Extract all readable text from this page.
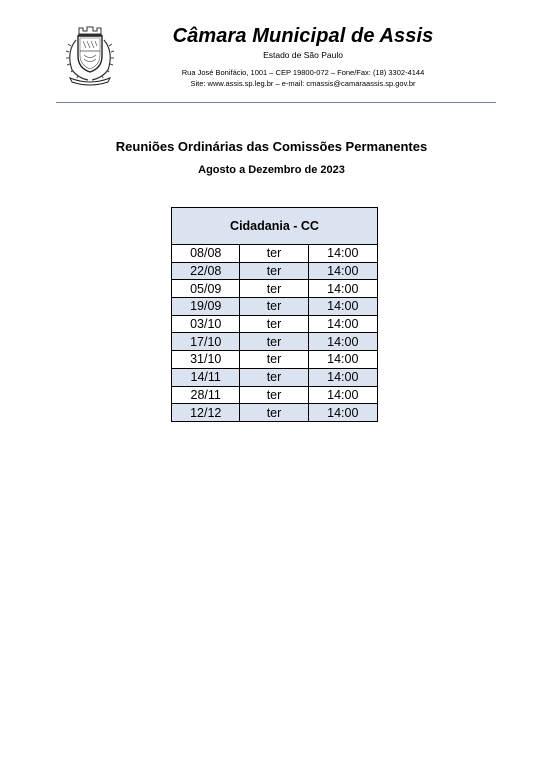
Câmara Municipal de Assis
Estado de São Paulo
Rua José Bonifácio, 1001 – CEP 19800-072 – Fone/Fax: (18) 3302-4144
Site: www.assis.sp.leg.br – e-mail: cmassis@camaraassis.sp.gov.br
Reuniões Ordinárias das Comissões Permanentes
Agosto a Dezembro de 2023
Cidadania - CC		
08/08	ter	14:00
22/08	ter	14:00
05/09	ter	14:00
19/09	ter	14:00
03/10	ter	14:00
17/10	ter	14:00
31/10	ter	14:00
14/11	ter	14:00
28/11	ter	14:00
12/12	ter	14:00
